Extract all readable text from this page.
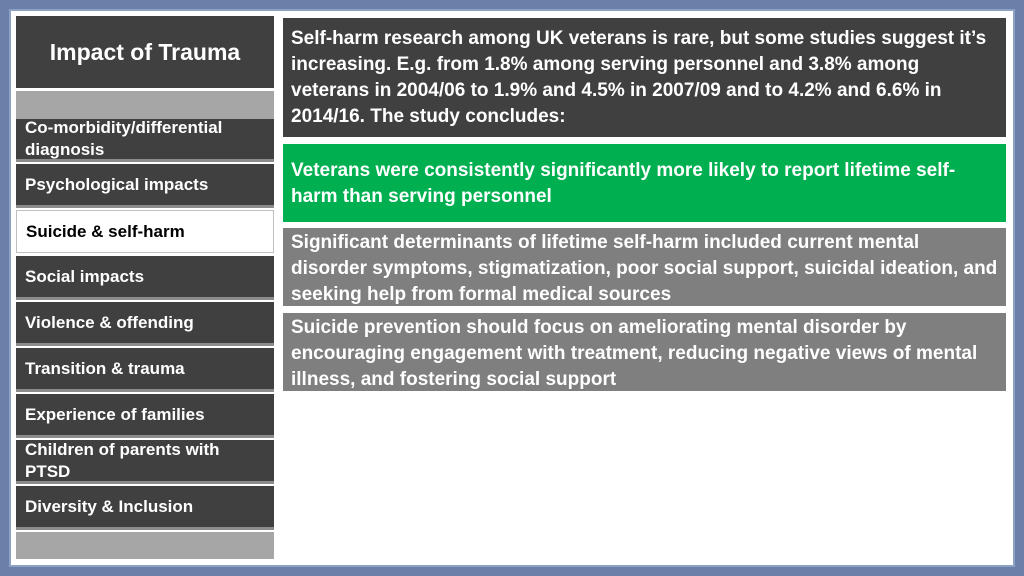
Impact of Trauma
Co-morbidity/differential diagnosis
Psychological impacts
Suicide & self-harm
Social impacts
Violence & offending
Transition & trauma
Experience of families
Children of parents with PTSD
Diversity & Inclusion
Self-harm research among UK veterans is rare, but some studies suggest it’s increasing. E.g. from 1.8% among serving personnel and 3.8% among veterans in 2004/06 to 1.9% and 4.5% in 2007/09 and to 4.2% and 6.6% in 2014/16. The study concludes:
Veterans were consistently significantly more likely to report lifetime self-harm than serving personnel
Significant determinants of lifetime self-harm included current mental disorder symptoms, stigmatization, poor social support, suicidal ideation, and seeking help from formal medical sources
Suicide prevention should focus on ameliorating mental disorder by encouraging engagement with treatment, reducing negative views of mental illness, and fostering social support
